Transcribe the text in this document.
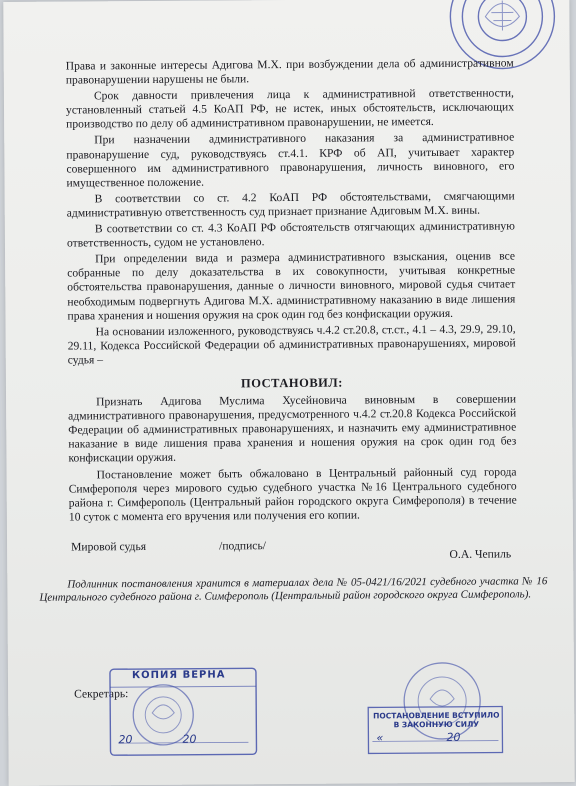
Права и законные интересы Адигова М.Х. при возбуждении дела об административном правонарушении нарушены не были.

Срок давности привлечения лица к административной ответственности, установленный статьей 4.5 КоАП РФ, не истек, иных обстоятельств, исключающих производство по делу об административном правонарушении, не имеется.

При назначении административного наказания за административное правонарушение суд, руководствуясь ст.4.1. КРФ об АП, учитывает характер совершенного им административного правонарушения, личность виновного, его имущественное положение.

В соответствии со ст. 4.2 КоАП РФ обстоятельствами, смягчающими административную ответственность суд признает признание Адиговым М.Х. вины.

В соответствии со ст. 4.3 КоАП РФ обстоятельств отягчающих административную ответственность, судом не установлено.

При определении вида и размера административного взыскания, оценив все собранные по делу доказательства в их совокупности, учитывая конкретные обстоятельства правонарушения, данные о личности виновного, мировой судья считает необходимым подвергнуть Адигова М.Х. административному наказанию в виде лишения права хранения и ношения оружия на срок один год без конфискации оружия.

На основании изложенного, руководствуясь ч.4.2 ст.20.8, ст.ст., 4.1 – 4.3, 29.9, 29.10, 29.11, Кодекса Российской Федерации об административных правонарушениях, мировой судья –

ПОСТАНОВИЛ:

Признать Адигова Муслима Хусейновича виновным в совершении административного правонарушения, предусмотренного ч.4.2 ст.20.8 Кодекса Российской Федерации об административных правонарушениях, и назначить ему административное наказание в виде лишения права хранения и ношения оружия на срок один год без конфискации оружия.

Постановление может быть обжаловано в Центральный районный суд города Симферополя через мирового судью судебного участка №16 Центрального судебного района г. Симферополь (Центральный район городского округа Симферополя) в течение 10 суток с момента его вручения или получения его копии.

Мировой судья	/подпись/
О.А. Чепиль

Подлинник постановления хранится в материалах дела № 05-0421/16/2021 судебного участка № 16 Центрального судебного района г. Симферополь (Центральный район городского округа Симферополь).

Секретарь:
КОПИЯ ВЕРНА
20	20
ПОСТАНОВЛЕНИЕ ВСТУПИЛО В ЗАКОННУЮ СИЛУ
«	20
